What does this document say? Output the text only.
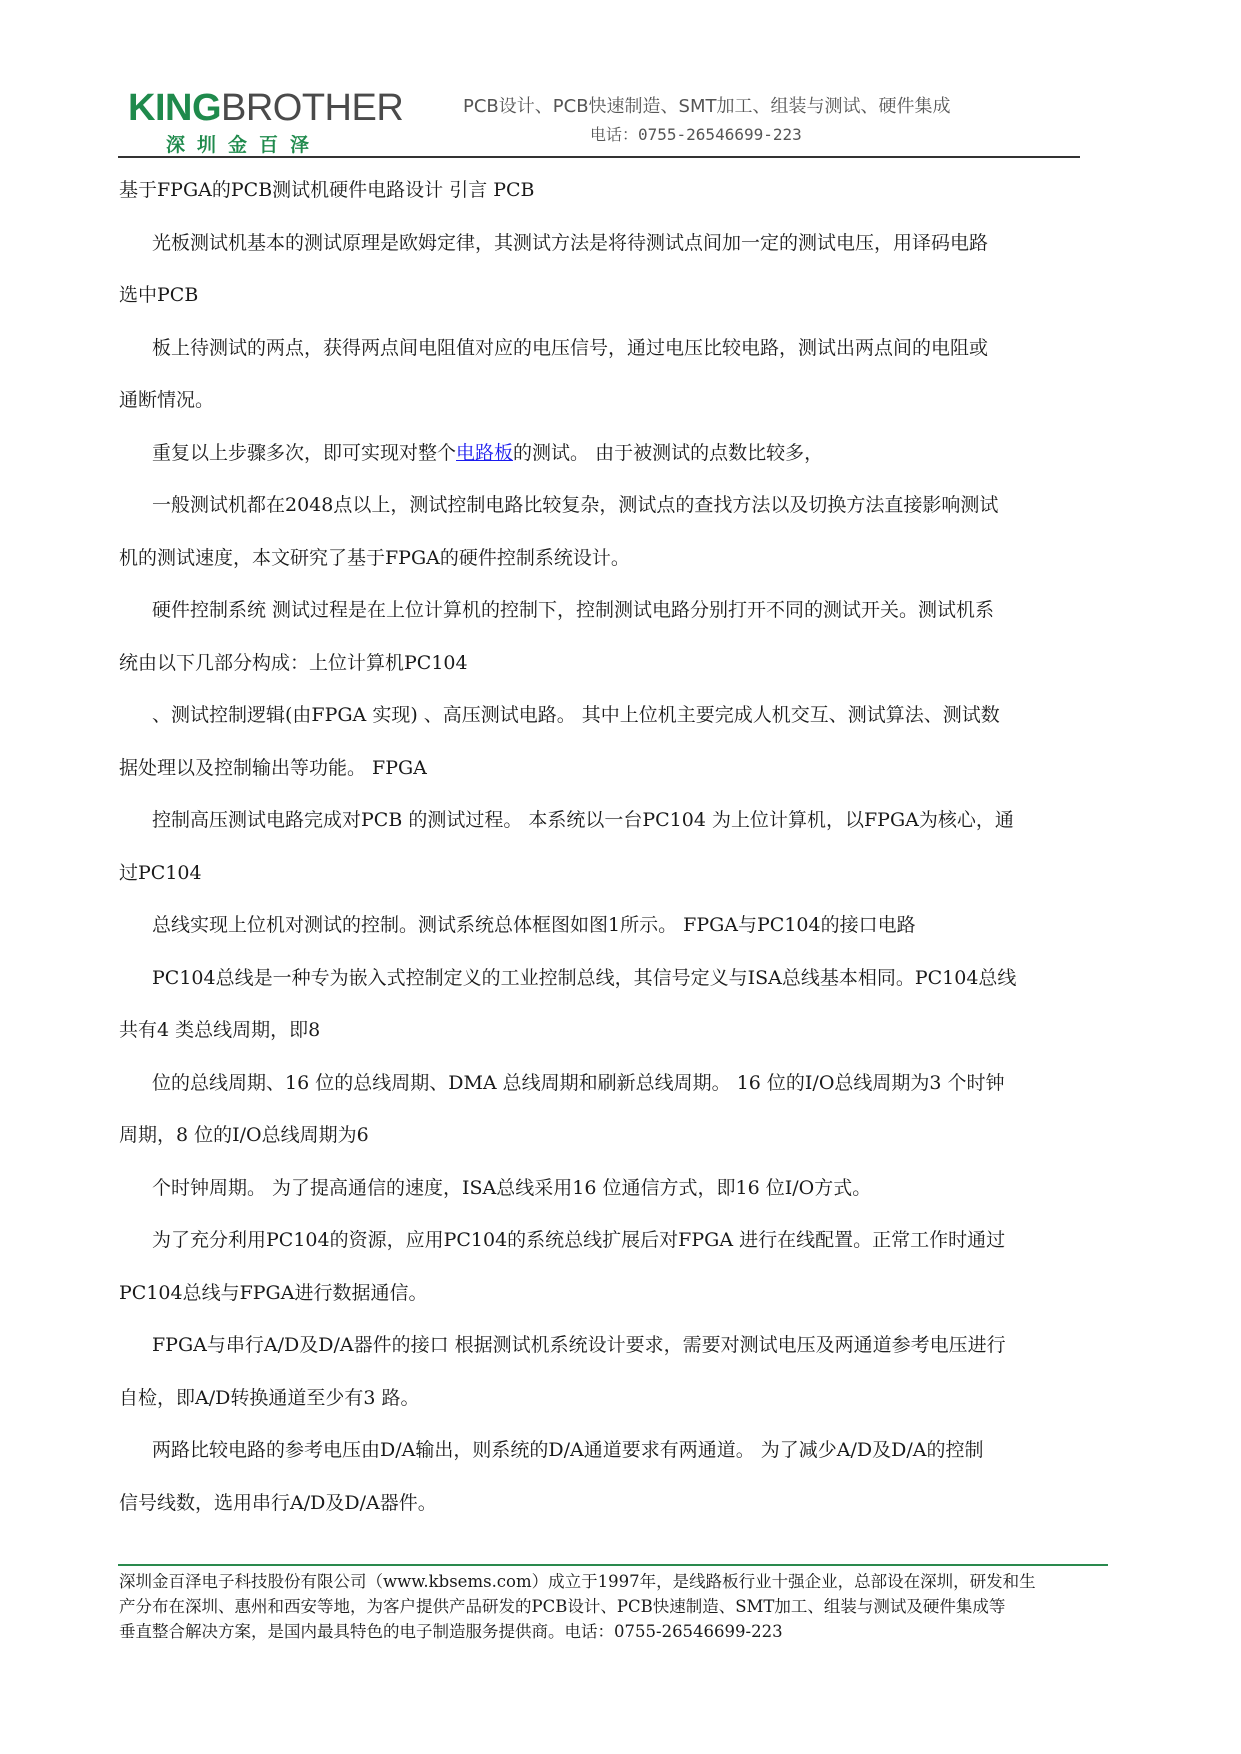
KINGBROTHER
深圳金百泽
PCB设计、PCB快速制造、SMT加工、组装与测试、硬件集成
电话：0755-26546699-223

基于FPGA的PCB测试机硬件电路设计 引言 PCB

光板测试机基本的测试原理是欧姆定律，其测试方法是将待测试点间加一定的测试电压，用译码电路

选中PCB

板上待测试的两点，获得两点间电阻值对应的电压信号，通过电压比较电路，测试出两点间的电阻或

通断情况。

重复以上步骤多次，即可实现对整个电路板的测试。 由于被测试的点数比较多，

一般测试机都在2048点以上，测试控制电路比较复杂，测试点的查找方法以及切换方法直接影响测试

机的测试速度，本文研究了基于FPGA的硬件控制系统设计。

硬件控制系统 测试过程是在上位计算机的控制下，控制测试电路分别打开不同的测试开关。测试机系

统由以下几部分构成：上位计算机PC104

、测试控制逻辑(由FPGA 实现) 、高压测试电路。 其中上位机主要完成人机交互、测试算法、测试数

据处理以及控制输出等功能。 FPGA

控制高压测试电路完成对PCB 的测试过程。 本系统以一台PC104 为上位计算机，以FPGA为核心，通

过PC104

总线实现上位机对测试的控制。测试系统总体框图如图1所示。 FPGA与PC104的接口电路

PC104总线是一种专为嵌入式控制定义的工业控制总线，其信号定义与ISA总线基本相同。PC104总线

共有4 类总线周期，即8

位的总线周期、16 位的总线周期、DMA 总线周期和刷新总线周期。 16 位的I/O总线周期为3 个时钟

周期，8 位的I/O总线周期为6

个时钟周期。 为了提高通信的速度，ISA总线采用16 位通信方式，即16 位I/O方式。

为了充分利用PC104的资源，应用PC104的系统总线扩展后对FPGA 进行在线配置。正常工作时通过

PC104总线与FPGA进行数据通信。

FPGA与串行A/D及D/A器件的接口 根据测试机系统设计要求，需要对测试电压及两通道参考电压进行

自检，即A/D转换通道至少有3 路。

两路比较电路的参考电压由D/A输出，则系统的D/A通道要求有两通道。 为了减少A/D及D/A的控制

信号线数，选用串行A/D及D/A器件。

深圳金百泽电子科技股份有限公司（www.kbsems.com）成立于1997年，是线路板行业十强企业，总部设在深圳，研发和生
产分布在深圳、惠州和西安等地，为客户提供产品研发的PCB设计、PCB快速制造、SMT加工、组装与测试及硬件集成等
垂直整合解决方案，是国内最具特色的电子制造服务提供商。电话：0755-26546699-223
